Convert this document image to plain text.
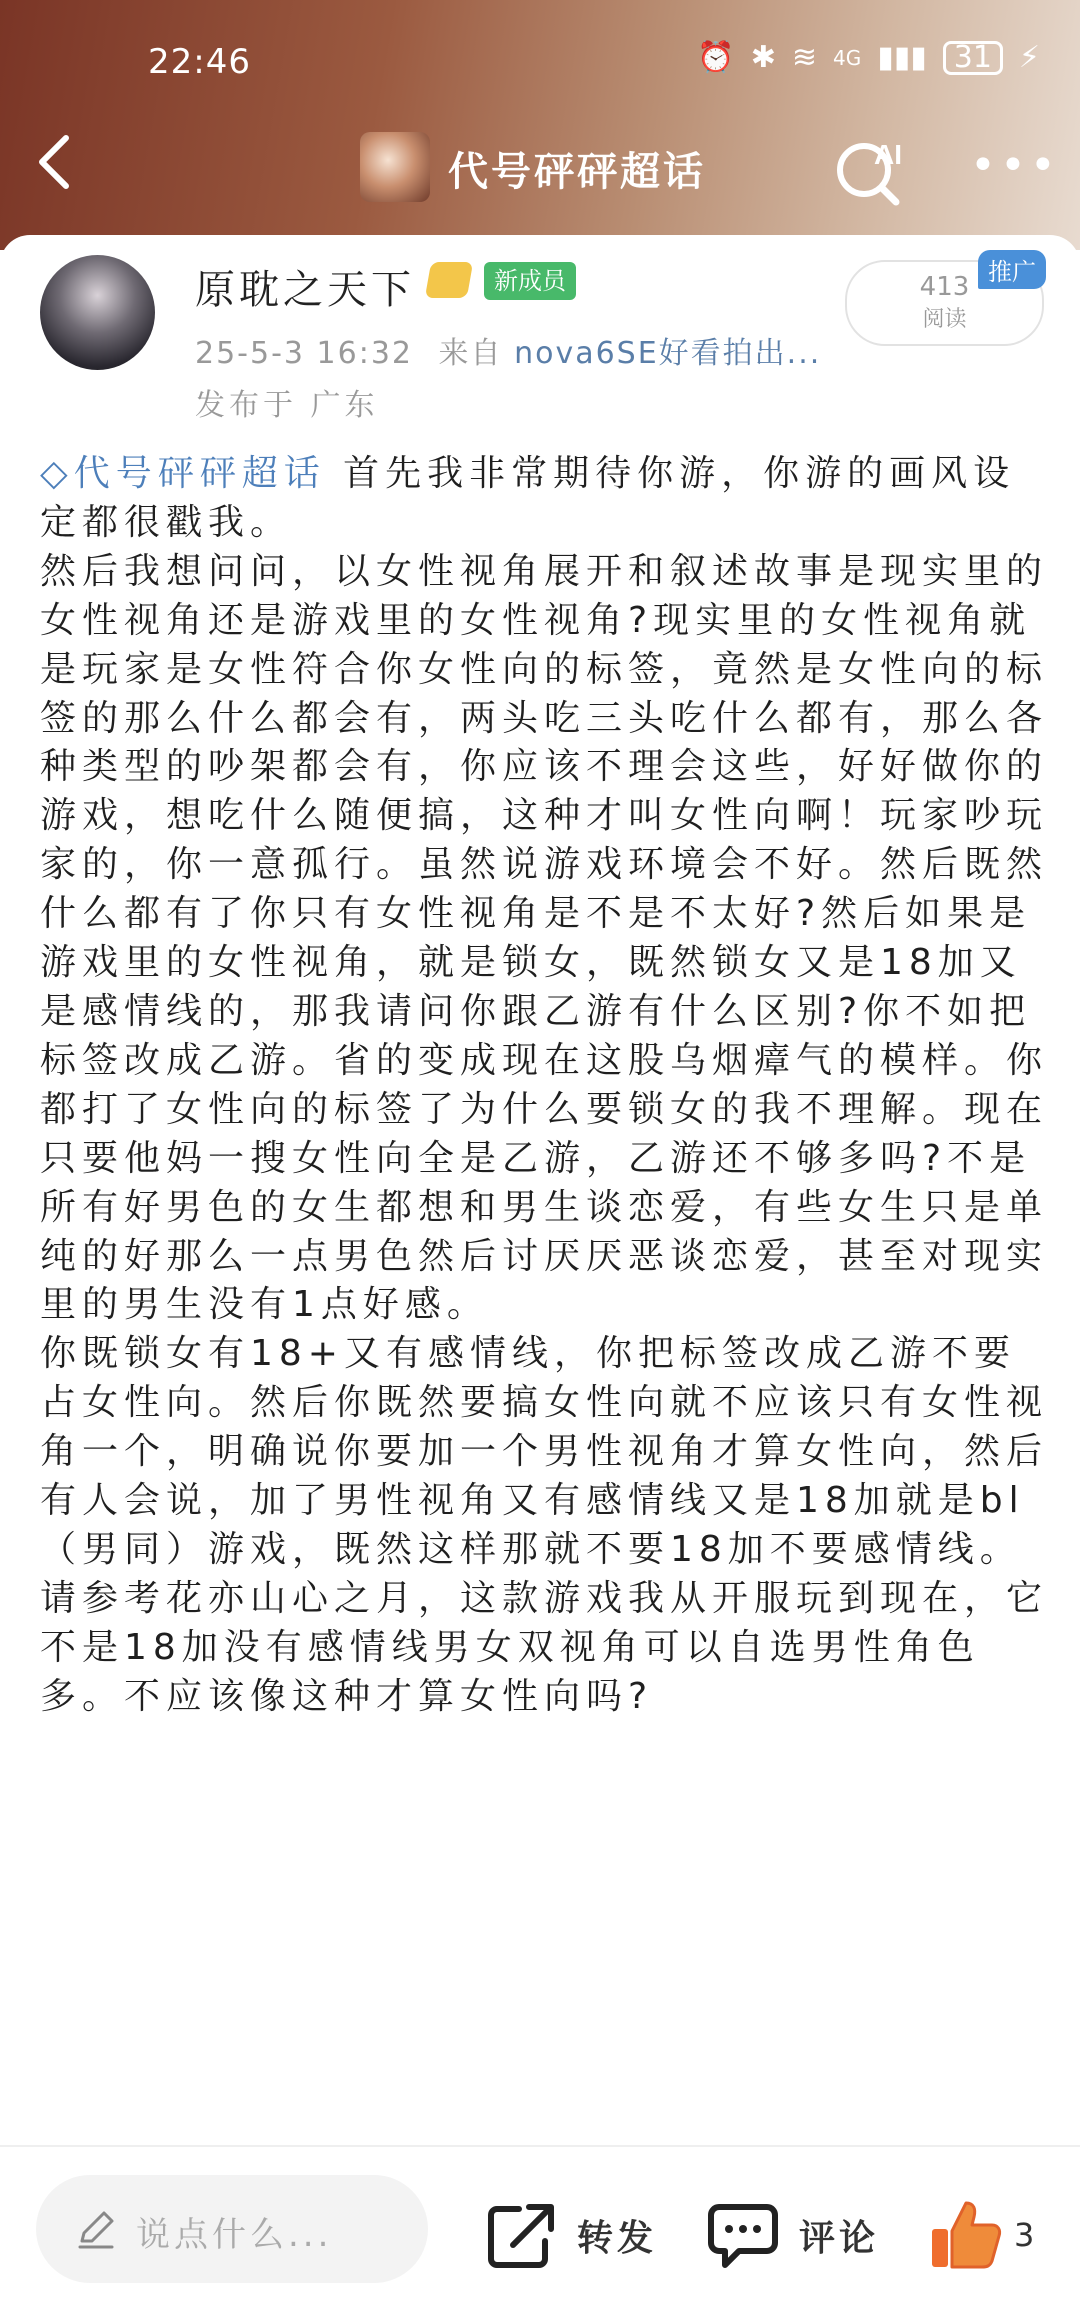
22:46	⏰ ✱ ≋ 4G ▮▮▮ 31 ⚡
代号砰砰超话	AI •••
原耽之天下	新成员
25-5-3 16:32 来自 nova6SE好看拍出...
发布于 广东
413
阅读
推广

◇代号砰砰超话 首先我非常期待你游，你游的画风设定都很戳我。
然后我想问问，以女性视角展开和叙述故事是现实里的女性视角还是游戏里的女性视角?现实里的女性视角就是玩家是女性符合你女性向的标签，竟然是女性向的标签的那么什么都会有，两头吃三头吃什么都有，那么各种类型的吵架都会有，你应该不理会这些，好好做你的游戏，想吃什么随便搞，这种才叫女性向啊！玩家吵玩家的，你一意孤行。虽然说游戏环境会不好。然后既然什么都有了你只有女性视角是不是不太好?然后如果是游戏里的女性视角，就是锁女，既然锁女又是18加又是感情线的，那我请问你跟乙游有什么区别?你不如把标签改成乙游。省的变成现在这股乌烟瘴气的模样。你都打了女性向的标签了为什么要锁女的我不理解。现在只要他妈一搜女性向全是乙游，乙游还不够多吗?不是所有好男色的女生都想和男生谈恋爱，有些女生只是单纯的好那么一点男色然后讨厌厌恶谈恋爱，甚至对现实里的男生没有1点好感。
你既锁女有18+又有感情线，你把标签改成乙游不要占女性向。然后你既然要搞女性向就不应该只有女性视角一个，明确说你要加一个男性视角才算女性向，然后有人会说，加了男性视角又有感情线又是18加就是bl（男同）游戏，既然这样那就不要18加不要感情线。请参考花亦山心之月，这款游戏我从开服玩到现在，它不是18加没有感情线男女双视角可以自选男性角色多。不应该像这种才算女性向吗?

说点什么...	转发	评论	3
